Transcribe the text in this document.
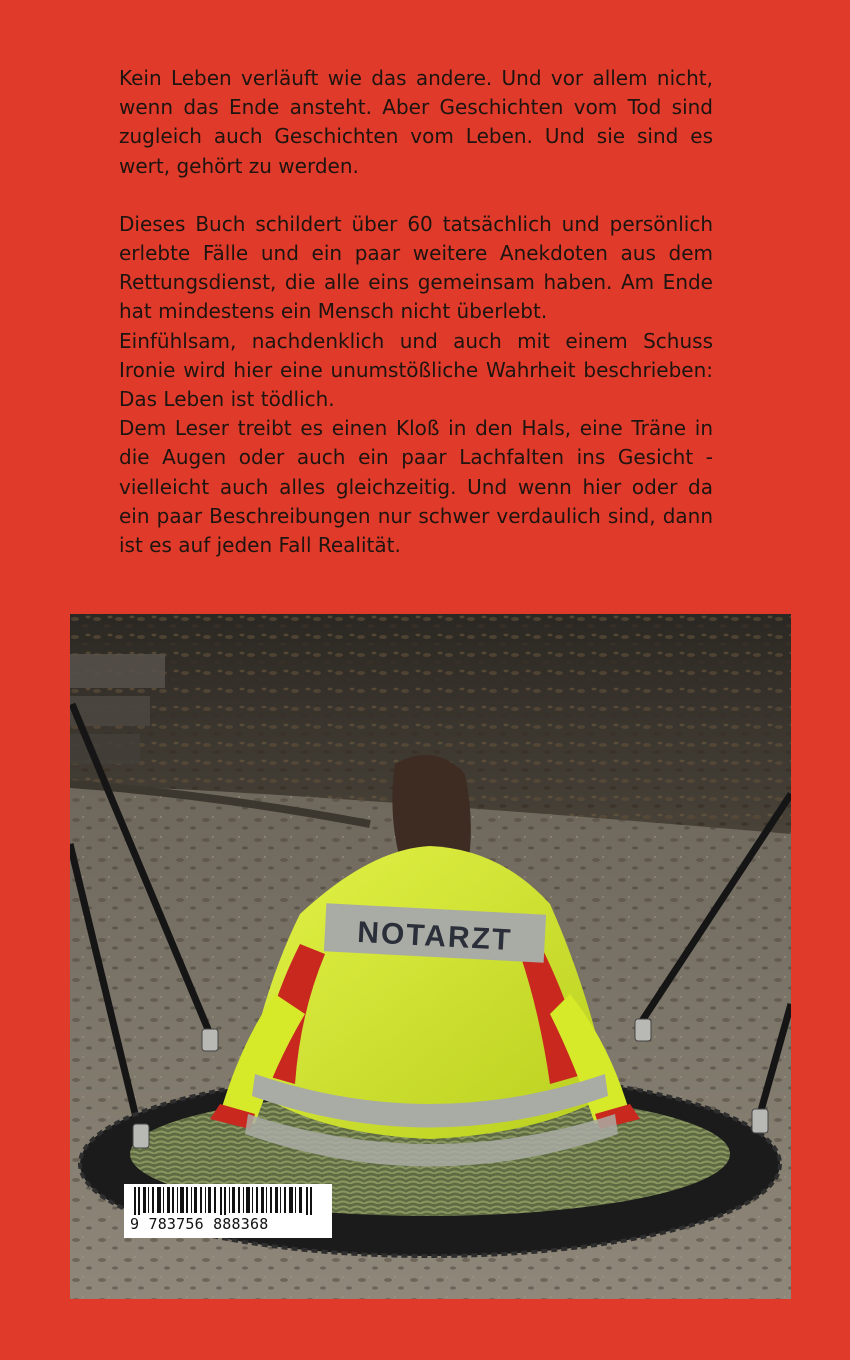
Kein Leben verläuft wie das andere. Und vor allem nicht, wenn das Ende ansteht. Aber Geschichten vom Tod sind zugleich auch Geschichten vom Leben. Und sie sind es wert, gehört zu werden.

Dieses Buch schildert über 60 tatsächlich und persönlich erlebte Fälle und ein paar weitere Anekdoten aus dem Rettungsdienst, die alle eins gemeinsam haben. Am Ende hat mindestens ein Mensch nicht überlebt.

Einfühlsam, nachdenklich und auch mit einem Schuss Ironie wird hier eine unumstößliche Wahrheit beschrieben: Das Leben ist tödlich.

Dem Leser treibt es einen Kloß in den Hals, eine Träne in die Augen oder auch ein paar Lachfalten ins Gesicht - vielleicht auch alles gleichzeitig. Und wenn hier oder da ein paar Beschreibungen nur schwer verdaulich sind, dann ist es auf jeden Fall Realität.

NOTARZT
9 783756 888368
